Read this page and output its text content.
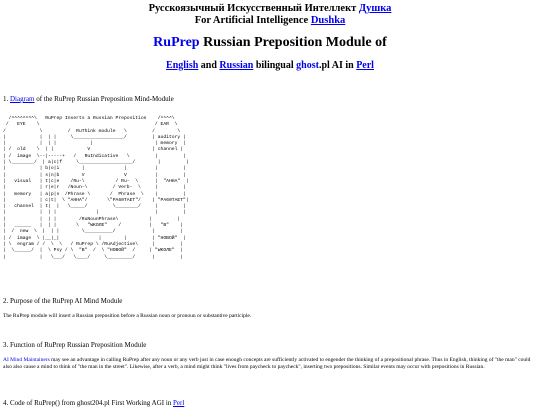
Русскоязычный Искусственный Интеллект Душка
For Artificial Intelligence Dushka
RuPrep Russian Preposition Module of
English and Russian bilingual ghost.pl AI in Perl
1. Diagram of the RuPrep Russian Preposition Mind-Module
/^^^^^^^^\   RuPrep Inserts a Russian Preposition    /^^^^\
/   EYE    \                                         / EAR  \
/            \         /  RuThink module   \         /        \
|            |  | |     \__________________/         | auditory |
|            |  | |            |                      | memory  |
| /  old    \  | |            V                      | channel |
| /  image  \--|-----+   /   RuIndicative   \         |         |
| \________/  | a|c|f     \___________________/        |         |
|            | b|o|i        |              |          |         |
|            | s|n|b        V              V          |         |
|   visual   | t|c|e    /Ru-\           / Ru-  \      |  "AHHA"  |
|            | r|e|r   /Noun-\         / Verb-  \     |         |
|   memory   | a|p|s  /Phrase \       /  Phrase  \    |         |
|            | c|t|  \ "AHHA"/       \"PA60TAET"/    | "PA60TAET"|
|   channel  | t|  |   \_____/         \________/     |         |
|            |  | |              |                    |         |
|            |  | |        /RuNounPhrase\           |         |
|   ______   |  | |       \   "WKOЛE"    /          |   "B"    |
|  /  new  \  |  | |        \__________/             |         |
| /  image  \ |__|_|              |        |         | "HOBOЙ"  |
| \  engram / /  \  \   / RuPrep \ /RuAdjective\     |         |
|  \______/  |  \ Psy / \  "B"  /  \ "HOBOЙ"  /     | "WKOЛE"  |
|            |   \___/   \____/     \_________/      |         |
2. Purpose of the RuPrep AI Mind Module
The RuPrep module will insert a Russian preposition before a Russian noun or pronoun or substantive participle.
3. Function of RuPrep Russian Preposition Module
AI Mind Maintainers may see an advantage in calling RuPrep after any noun or any verb just in case enough concepts are sufficiently activated to engender the thinking of a prepositional phrase. Thus in English, thinking of "the man" could also also cause a mind to think of "the man in the street". Likewise, after a verb, a mind might think "lives from paycheck to paycheck", inserting two prepositions. Similar events may occur with prepositions in Russian.
4. Code of RuPrep() from ghost204.pl First Working AGI in Perl
